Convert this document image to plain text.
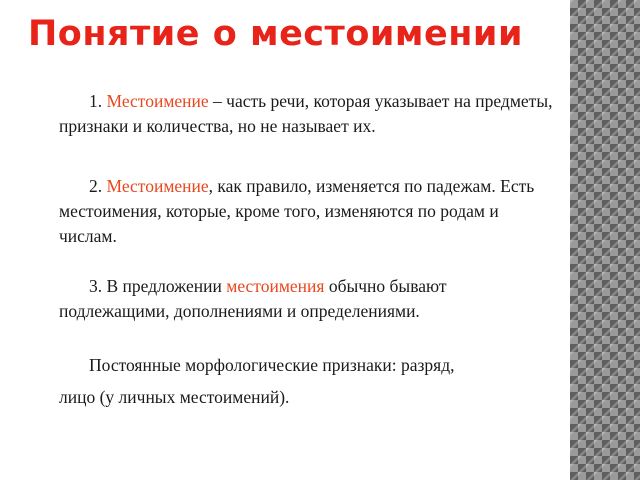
Понятие о местоимении
1. Местоимение – часть речи, которая указывает на предметы, признаки и количества, но не называет их.
2. Местоимение, как правило, изменяется по падежам. Есть местоимения, которые, кроме того, изменяются по родам и числам.
3. В предложении местоимения обычно бывают подлежащими, дополнениями и определениями.
Постоянные морфологические признаки: разряд,
лицо (у личных местоимений).
